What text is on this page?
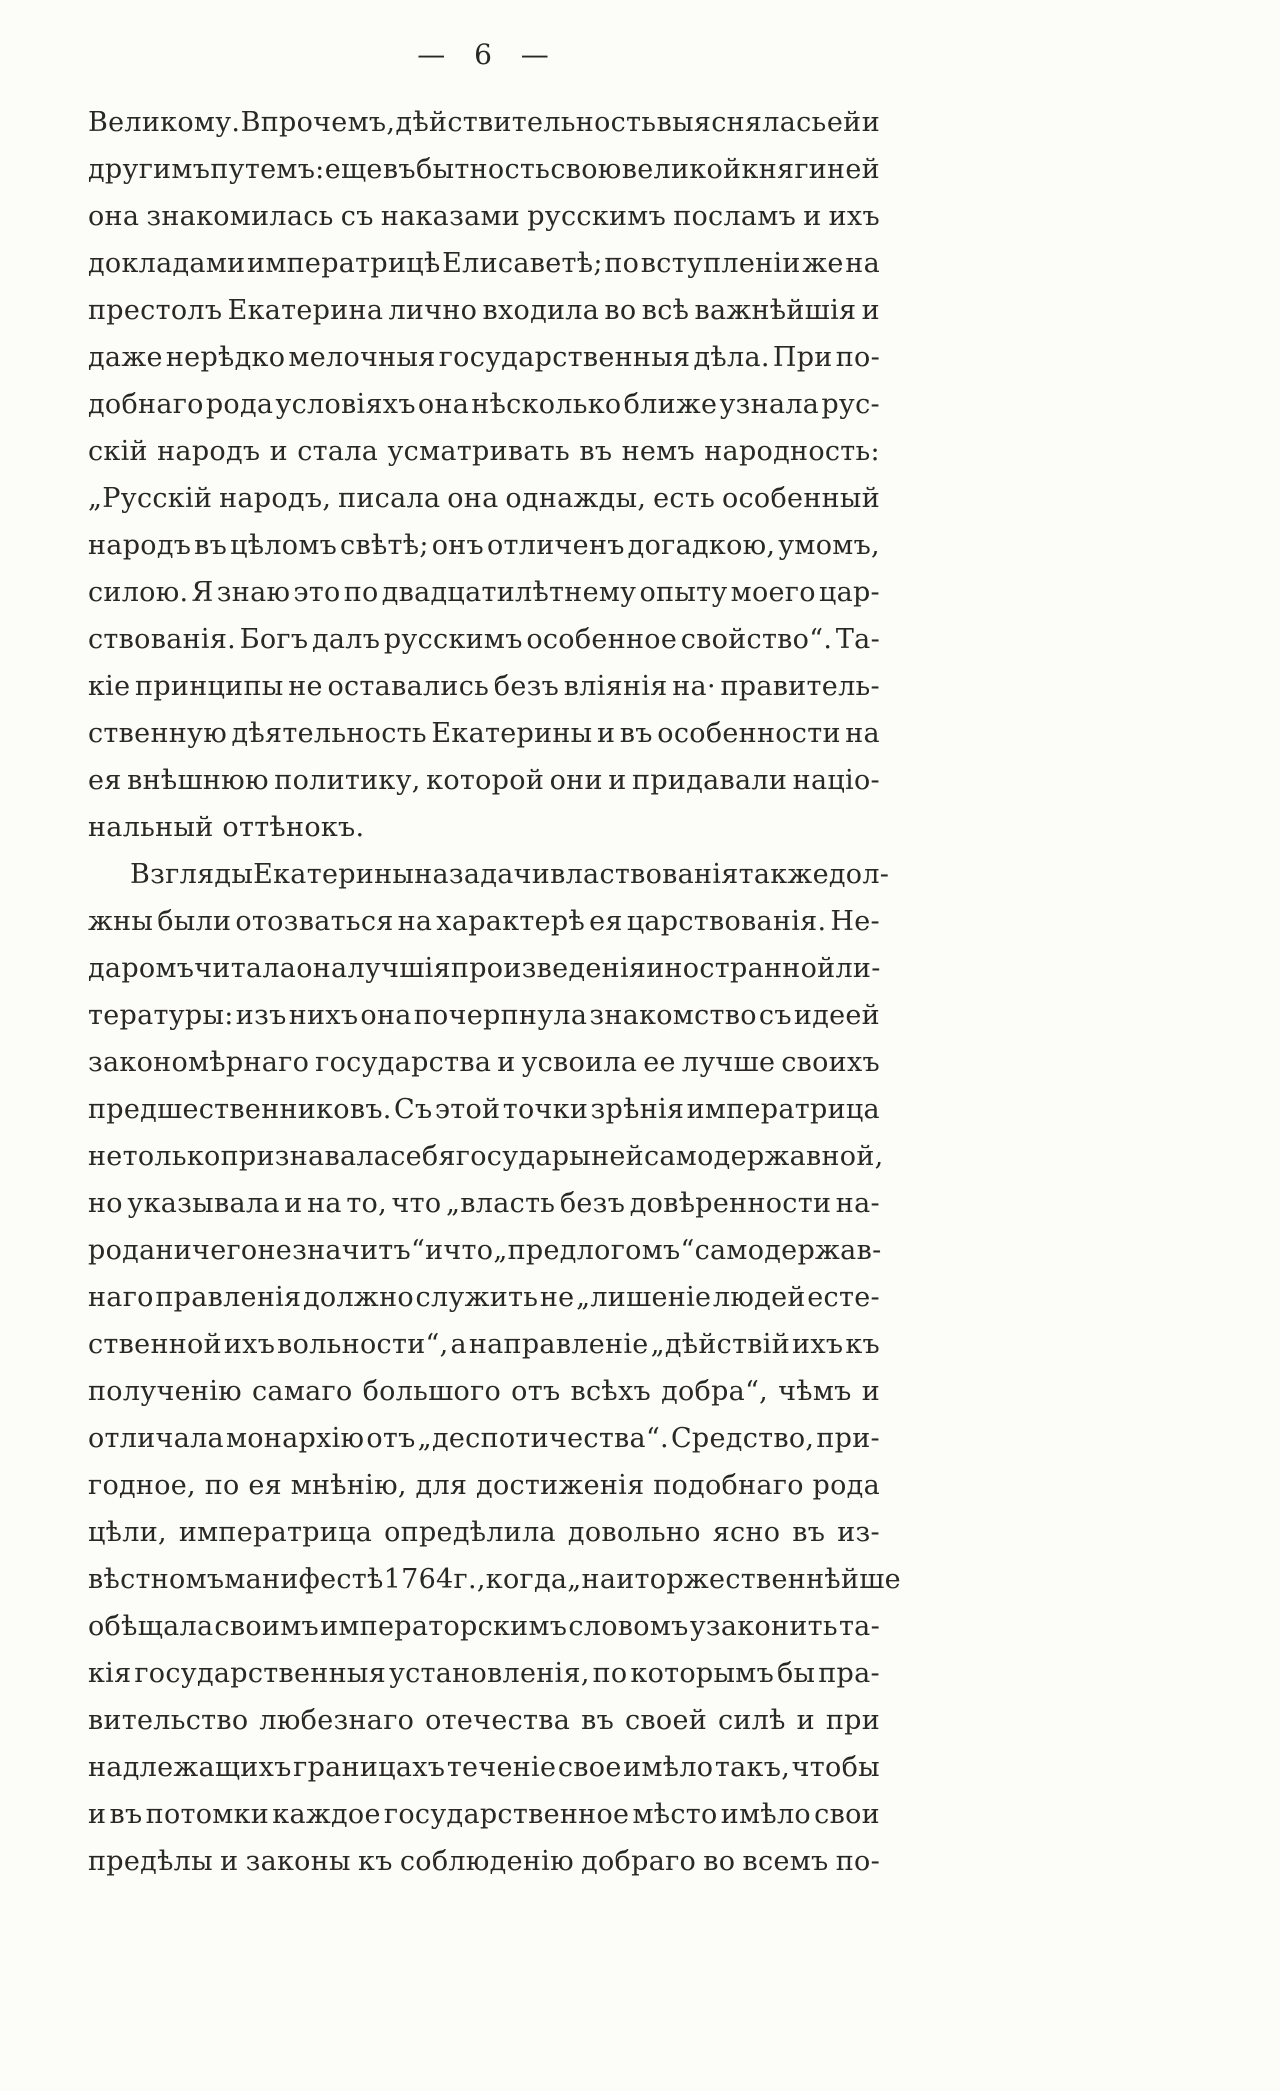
— 6 —
Великому. Впрочемъ, дѣйствительность выяснялась ей и
другимъ путемъ: еще въ бытность свою великой княгиней
она знакомилась съ наказами русскимъ посламъ и ихъ
докладами императрицѣ Елисаветѣ; по вступленіи же на
престолъ Екатерина лично входила во всѣ важнѣйшія и
даже нерѣдко мелочныя государственныя дѣла. При по-
добнаго рода условіяхъ она нѣсколько ближе узнала рус-
скій народъ и стала усматривать въ немъ народность:
„Русскій народъ, писала она однажды, есть особенный
народъ въ цѣломъ свѣтѣ; онъ отличенъ догадкою, умомъ,
силою. Я знаю это по двадцатилѣтнему опыту моего цар-
ствованія. Богъ далъ русскимъ особенное свойство“. Та-
кіе принципы не оставались безъ вліянія на· правитель-
ственную дѣятельность Екатерины и въ особенности на
ея внѣшнюю политику, которой они и придавали націо-
нальный оттѣнокъ.
Взгляды Екатерины на задачи властвованія также дол-
жны были отозваться на характерѣ ея царствованія. Не-
даромъ читала она лучшія произведенія иностранной ли-
тературы: изъ нихъ она почерпнула знакомство съ идеей
закономѣрнаго государства и усвоила ее лучше своихъ
предшественниковъ. Съ этой точки зрѣнія императрица
не только признавала себя государыней самодержавной,
но указывала и на то, что „власть безъ довѣренности на-
рода ничего не значитъ“ и что „предлогомъ“ самодержав-
наго правленія должно служить не „лишеніе людей есте-
ственной ихъ вольности“, а направленіе „дѣйствій ихъ къ
полученію самаго большого отъ всѣхъ добра“, чѣмъ и
отличала монархію отъ „деспотичества“. Средство, при-
годное, по ея мнѣнію, для достиженія подобнаго рода
цѣли, императрица опредѣлила довольно ясно въ из-
вѣстномъ манифестѣ 1764 г., когда „наиторжественнѣйше
обѣщала своимъ императорскимъ словомъ узаконить та-
кія государственныя установленія, по которымъ бы пра-
вительство любезнаго отечества въ своей силѣ и при
надлежащихъ границахъ теченіе свое имѣло такъ, чтобы
и въ потомки каждое государственное мѣсто имѣло свои
предѣлы и законы къ соблюденію добраго во всемъ по-
